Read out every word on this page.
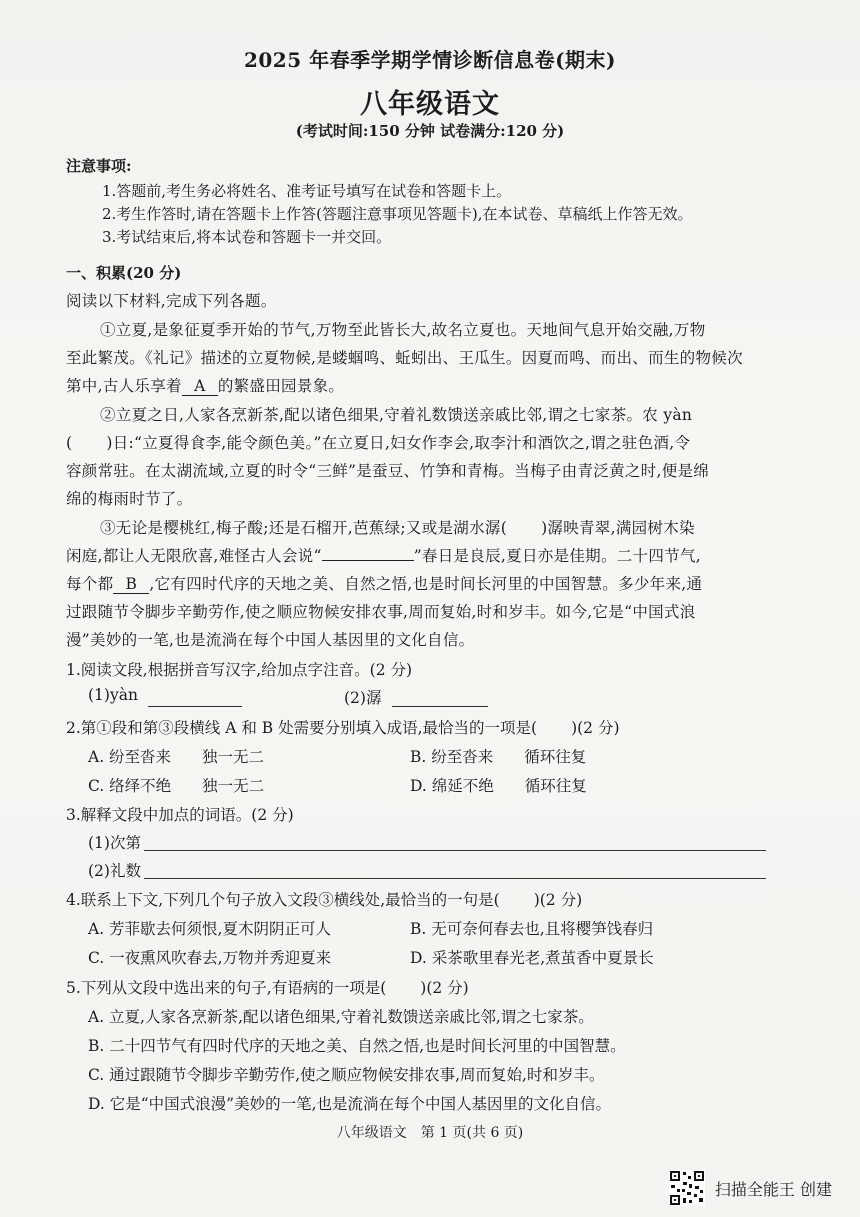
2025 年春季学期学情诊断信息卷(期末)
八年级语文
(考试时间:150 分钟 试卷满分:120 分)
注意事项:
1.答题前,考生务必将姓名、准考证号填写在试卷和答题卡上。
2.考生作答时,请在答题卡上作答(答题注意事项见答题卡),在本试卷、草稿纸上作答无效。
3.考试结束后,将本试卷和答题卡一并交回。
一、积累(20 分)
阅读以下材料,完成下列各题。
①立夏,是象征夏季开始的节气,万物至此皆长大,故名立夏也。天地间气息开始交融,万物
至此繁茂。《礼记》描述的立夏物候,是蝼蝈鸣、蚯蚓出、王瓜生。因夏而鸣、而出、而生的物候次
第中,古人乐享着 A 的繁盛田园景象。
②立夏之日,人家各烹新茶,配以诸色细果,守着礼数馈送亲戚比邻,谓之七家茶。农 yàn
( )日:“立夏得食李,能令颜色美。”在立夏日,妇女作李会,取李汁和酒饮之,谓之驻色酒,令
容颜常驻。在太湖流域,立夏的时令“三鲜”是蚕豆、竹笋和青梅。当梅子由青泛黄之时,便是绵
绵的梅雨时节了。
③无论是樱桃红,梅子酸;还是石榴开,芭蕉绿;又或是湖水潺( )潺映青翠,满园树木染
闲庭,都让人无限欣喜,难怪古人会说“	”春日是良辰,夏日亦是佳期。二十四节气,
每个都 B ,它有四时代序的天地之美、自然之悟,也是时间长河里的中国智慧。多少年来,通
过跟随节令脚步辛勤劳作,使之顺应物候安排农事,周而复始,时和岁丰。如今,它是“中国式浪
漫”美妙的一笔,也是流淌在每个中国人基因里的文化自信。
1.阅读文段,根据拼音写汉字,给加点字注音。(2 分)
(1)yàn	(2)潺
2.第①段和第③段横线 A 和 B 处需要分别填入成语,最恰当的一项是( )(2 分)
A. 纷至沓来　　独一无二	B. 纷至沓来　　循环往复
C. 络绎不绝　　独一无二	D. 绵延不绝　　循环往复
3.解释文段中加点的词语。(2 分)
(1)次第
(2)礼数
4.联系上下文,下列几个句子放入文段③横线处,最恰当的一句是( )(2 分)
A. 芳菲歇去何须恨,夏木阴阴正可人	B. 无可奈何春去也,且将樱笋饯春归
C. 一夜熏风吹春去,万物并秀迎夏来	D. 采茶歌里春光老,煮茧香中夏景长
5.下列从文段中选出来的句子,有语病的一项是( )(2 分)
A. 立夏,人家各烹新茶,配以诸色细果,守着礼数馈送亲戚比邻,谓之七家茶。
B. 二十四节气有四时代序的天地之美、自然之悟,也是时间长河里的中国智慧。
C. 通过跟随节令脚步辛勤劳作,使之顺应物候安排农事,周而复始,时和岁丰。
D. 它是“中国式浪漫”美妙的一笔,也是流淌在每个中国人基因里的文化自信。
八年级语文　第 1 页(共 6 页)
扫描全能王 创建
